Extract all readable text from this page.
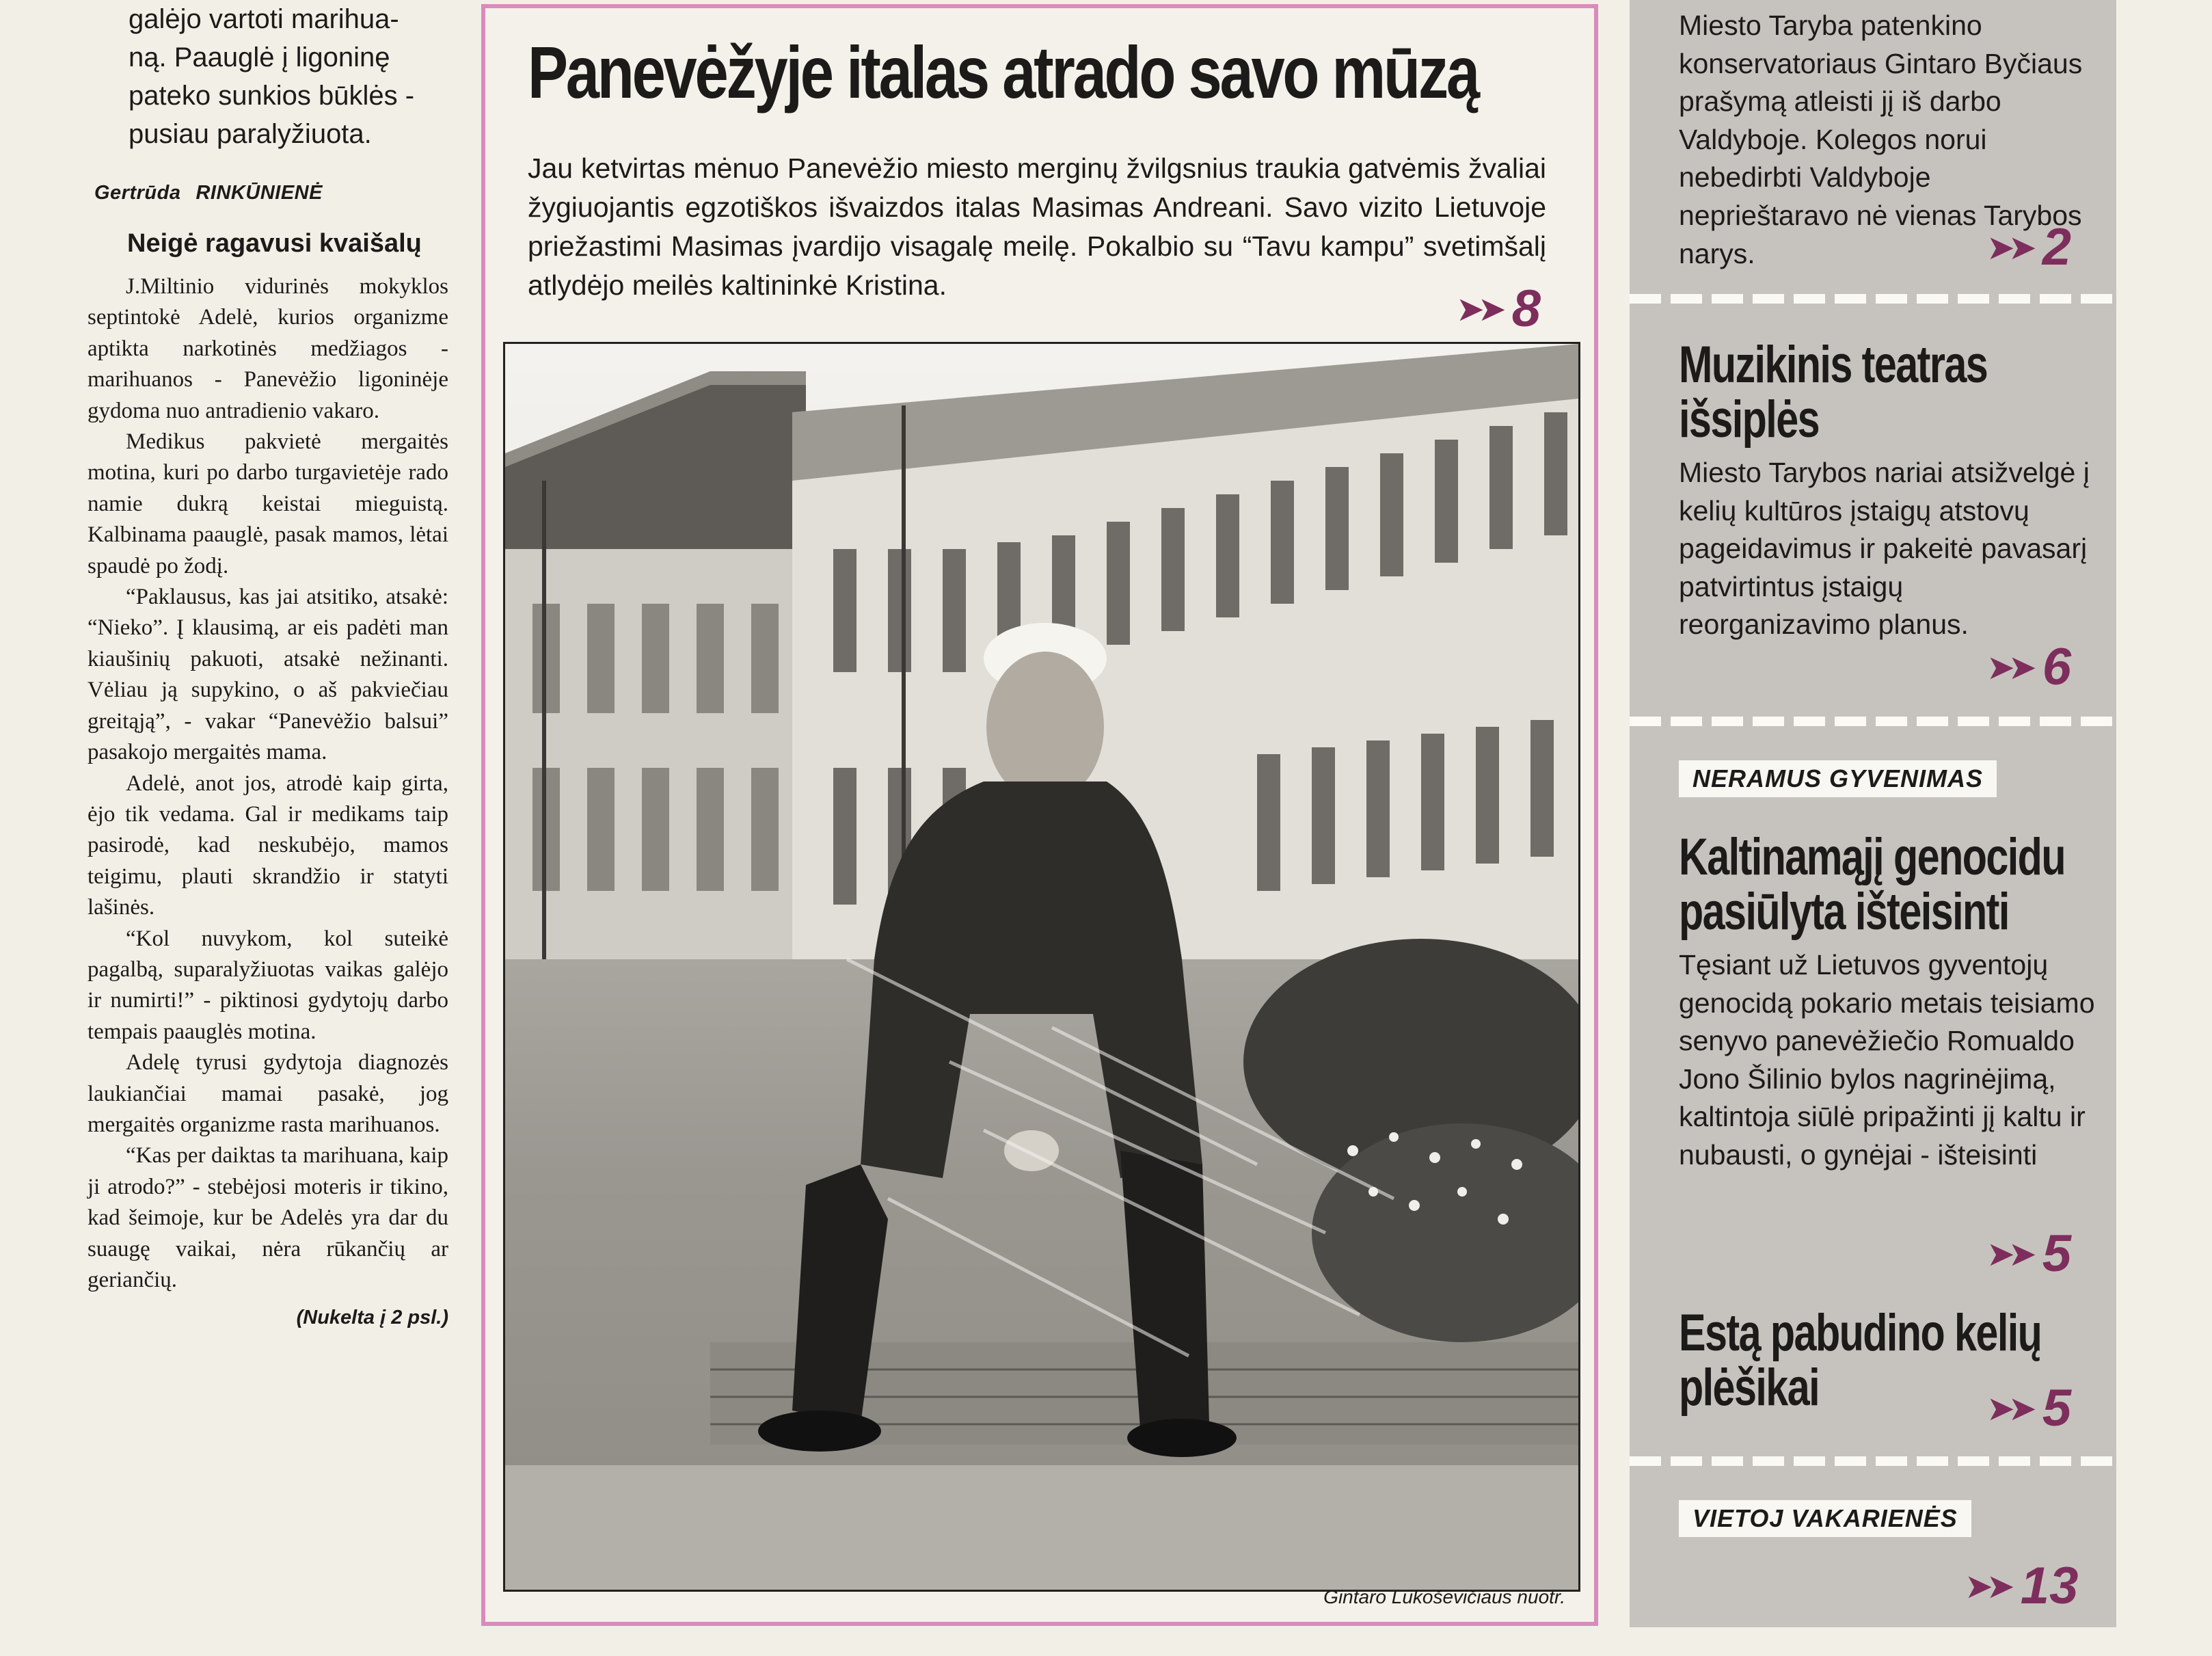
galėjo vartoti marihua-

ną. Paauglė į ligoninę

pateko sunkios būklės -

pusiau paralyžiuota.

Gertrūda RINKŪNIENĖ
Neigė ragavusi kvaišalų

J.Miltinio vidurinės mokyklos septintokė Adelė, kurios organizme aptikta narkotinės medžiagos - marihuanos - Panevėžio ligoninėje gydoma nuo antradienio vakaro.

Medikus pakvietė mergaitės motina, kuri po darbo turgavietėje rado namie dukrą keistai mieguistą. Kalbinama paauglė, pasak mamos, lėtai spaudė po žodį.

“Paklausus, kas jai atsitiko, atsakė: “Nieko”. Į klausimą, ar eis padėti man kiaušinių pakuoti, atsakė nežinanti. Vėliau ją supykino, o aš pakviečiau greitąją”, - vakar “Panevėžio balsui” pasakojo mergaitės mama.

Adelė, anot jos, atrodė kaip girta, ėjo tik vedama. Gal ir medikams taip pasirodė, kad neskubėjo, mamos teigimu, plauti skrandžio ir statyti lašinės.

“Kol nuvykom, kol suteikė pagalbą, suparalyžiuotas vaikas galėjo ir numirti!” - piktinosi gydytojų darbo tempais paauglės motina.

Adelę tyrusi gydytoja diagnozės laukiančiai mamai pasakė, jog mergaitės organizme rasta marihuanos.

“Kas per daiktas ta marihuana, kaip ji atrodo?” - stebėjosi moteris ir tikino, kad šeimoje, kur be Adelės yra dar du suaugę vaikai, nėra rūkančių ar geriančių.

(Nukelta į 2 psl.)
Panevėžyje italas atrado savo mūzą

Jau ketvirtas mėnuo Panevėžio miesto merginų žvilgsnius traukia gatvėmis žvaliai žygiuojantis egzotiškos išvaizdos italas Masimas Andreani. Savo vizito Lietuvoje priežastimi Masimas įvardijo visagalę meilę. Pokalbio su “Tavu kampu” svetimšalį atlydėjo meilės kaltininkė Kristina.

➤➤ 8
Gintaro Lukoševičiaus nuotr.

Miesto Taryba patenkino konservatoriaus Gintaro Byčiaus prašymą atleisti jį iš darbo Valdyboje. Kolegos norui nebedirbti Valdyboje neprieštaravo nė vienas Tarybos narys.	➤➤ 2
Muzikinis teatras
išsiplės

Miesto Tarybos nariai atsižvelgė į kelių kultūros įstaigų atstovų pageidavimus ir pakeitė pavasarį patvirtintus įstaigų reorganizavimo planus.

➤➤ 6
NERAMUS GYVENIMAS
Kaltinamąjį genocidu
pasiūlyta išteisinti

Tęsiant už Lietuvos gyventojų genocidą pokario metais teisiamo senyvo panevėžiečio Romualdo Jono Šilinio bylos nagrinėjimą, kaltintoja siūlė pripažinti jį kaltu ir nubausti, o gynėjai - išteisinti

➤➤ 5
Estą pabudino kelių
plėšikai	➤➤ 5
VIETOJ VAKARIENĖS
➤➤ 13
